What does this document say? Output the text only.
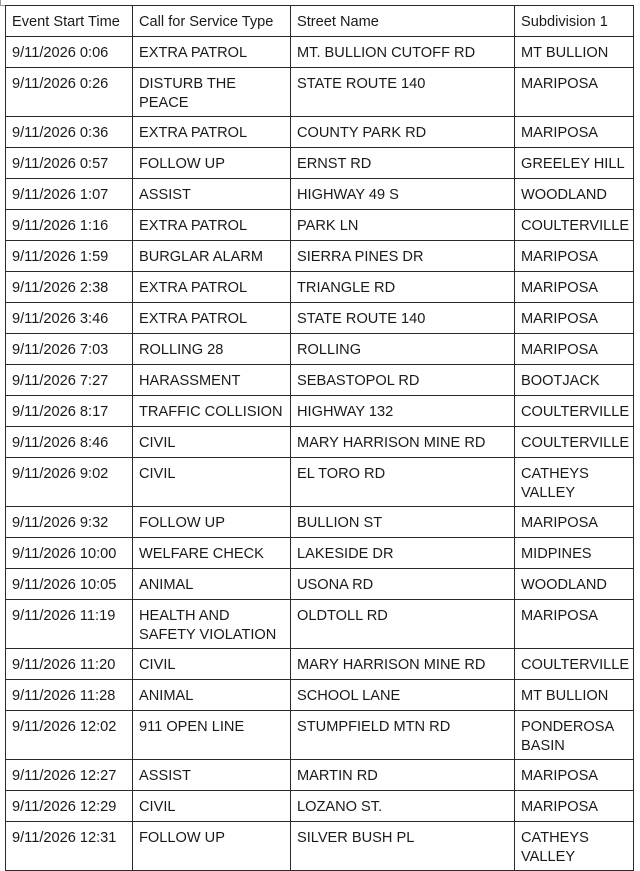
Event Start Time	Call for Service Type	Street Name	Subdivision 1
9/11/2026 0:06	EXTRA PATROL	MT. BULLION CUTOFF RD	MT BULLION
9/11/2026 0:26	DISTURB THE PEACE	STATE ROUTE 140	MARIPOSA
9/11/2026 0:36	EXTRA PATROL	COUNTY PARK RD	MARIPOSA
9/11/2026 0:57	FOLLOW UP	ERNST RD	GREELEY HILL
9/11/2026 1:07	ASSIST	HIGHWAY 49 S	WOODLAND
9/11/2026 1:16	EXTRA PATROL	PARK LN	COULTERVILLE
9/11/2026 1:59	BURGLAR ALARM	SIERRA PINES DR	MARIPOSA
9/11/2026 2:38	EXTRA PATROL	TRIANGLE RD	MARIPOSA
9/11/2026 3:46	EXTRA PATROL	STATE ROUTE 140	MARIPOSA
9/11/2026 7:03	ROLLING 28	ROLLING	MARIPOSA
9/11/2026 7:27	HARASSMENT	SEBASTOPOL RD	BOOTJACK
9/11/2026 8:17	TRAFFIC COLLISION	HIGHWAY 132	COULTERVILLE
9/11/2026 8:46	CIVIL	MARY HARRISON MINE RD	COULTERVILLE
9/11/2026 9:02	CIVIL	EL TORO RD	CATHEYS VALLEY
9/11/2026 9:32	FOLLOW UP	BULLION ST	MARIPOSA
9/11/2026 10:00	WELFARE CHECK	LAKESIDE DR	MIDPINES
9/11/2026 10:05	ANIMAL	USONA RD	WOODLAND
9/11/2026 11:19	HEALTH AND SAFETY VIOLATION	OLDTOLL RD	MARIPOSA
9/11/2026 11:20	CIVIL	MARY HARRISON MINE RD	COULTERVILLE
9/11/2026 11:28	ANIMAL	SCHOOL LANE	MT BULLION
9/11/2026 12:02	911 OPEN LINE	STUMPFIELD MTN RD	PONDEROSA BASIN
9/11/2026 12:27	ASSIST	MARTIN RD	MARIPOSA
9/11/2026 12:29	CIVIL	LOZANO ST.	MARIPOSA
9/11/2026 12:31	FOLLOW UP	SILVER BUSH PL	CATHEYS VALLEY
